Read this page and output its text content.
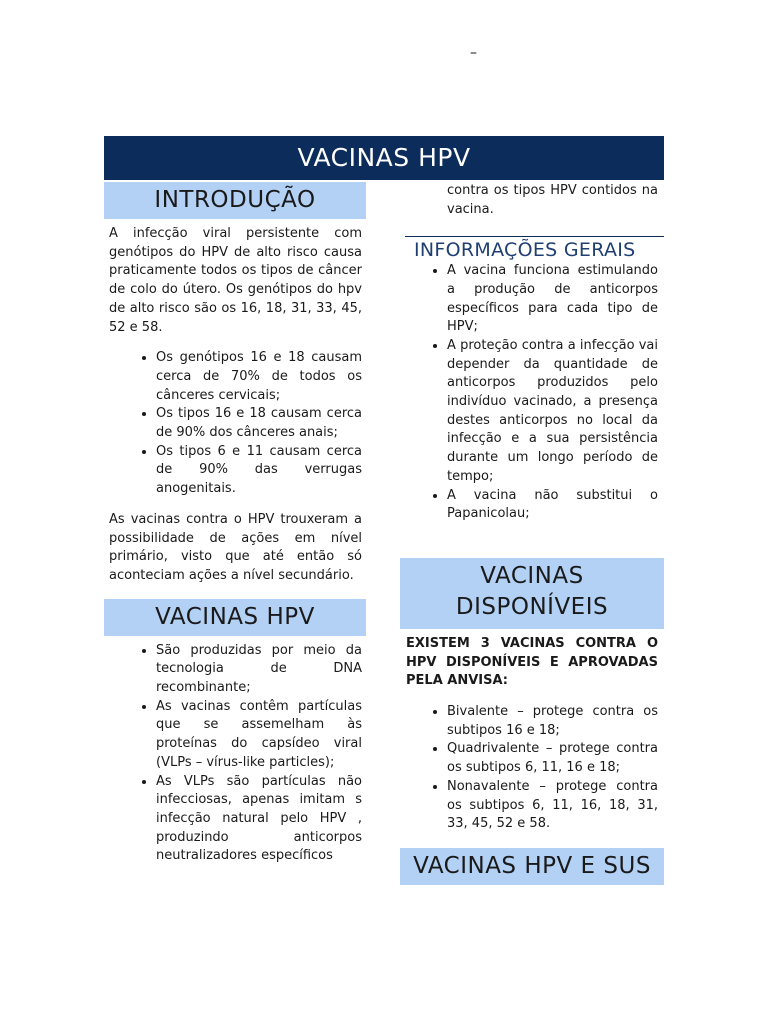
–
VACINAS HPV
INTRODUÇÃO

A infecção viral persistente com genótipos do HPV de alto risco causa praticamente todos os tipos de câncer de colo do útero. Os genótipos do hpv de alto risco são os 16, 18, 31, 33, 45, 52 e 58.

• Os genótipos 16 e 18 causam cerca de 70% de todos os cânceres cervicais;
• Os tipos 16 e 18 causam cerca de 90% dos cânceres anais;
• Os tipos 6 e 11 causam cerca de 90% das verrugas anogenitais.

As vacinas contra o HPV trouxeram a possibilidade de ações em nível primário, visto que até então só aconteciam ações a nível secundário.

VACINAS HPV
• São produzidas por meio da tecnologia de DNA recombinante;
• As vacinas contêm partículas que se assemelham às proteínas do capsídeo viral (VLPs – vírus-like particles);
• As VLPs são partículas não infecciosas, apenas imitam s infecção natural pelo HPV , produzindo anticorpos neutralizadores específicos
contra os tipos HPV contidos na vacina.
INFORMAÇÕES GERAIS
• A vacina funciona estimulando a produção de anticorpos específicos para cada tipo de HPV;
• A proteção contra a infecção vai depender da quantidade de anticorpos produzidos pelo indivíduo vacinado, a presença destes anticorpos no local da infecção e a sua persistência durante um longo período de tempo;
• A vacina não substitui o Papanicolau;
VACINAS
DISPONÍVEIS

EXISTEM 3 VACINAS CONTRA O HPV DISPONÍVEIS E APROVADAS PELA ANVISA:

• Bivalente – protege contra os subtipos 16 e 18;
• Quadrivalente – protege contra os subtipos 6, 11, 16 e 18;
• Nonavalente – protege contra os subtipos 6, 11, 16, 18, 31, 33, 45, 52 e 58.
VACINAS HPV E SUS
